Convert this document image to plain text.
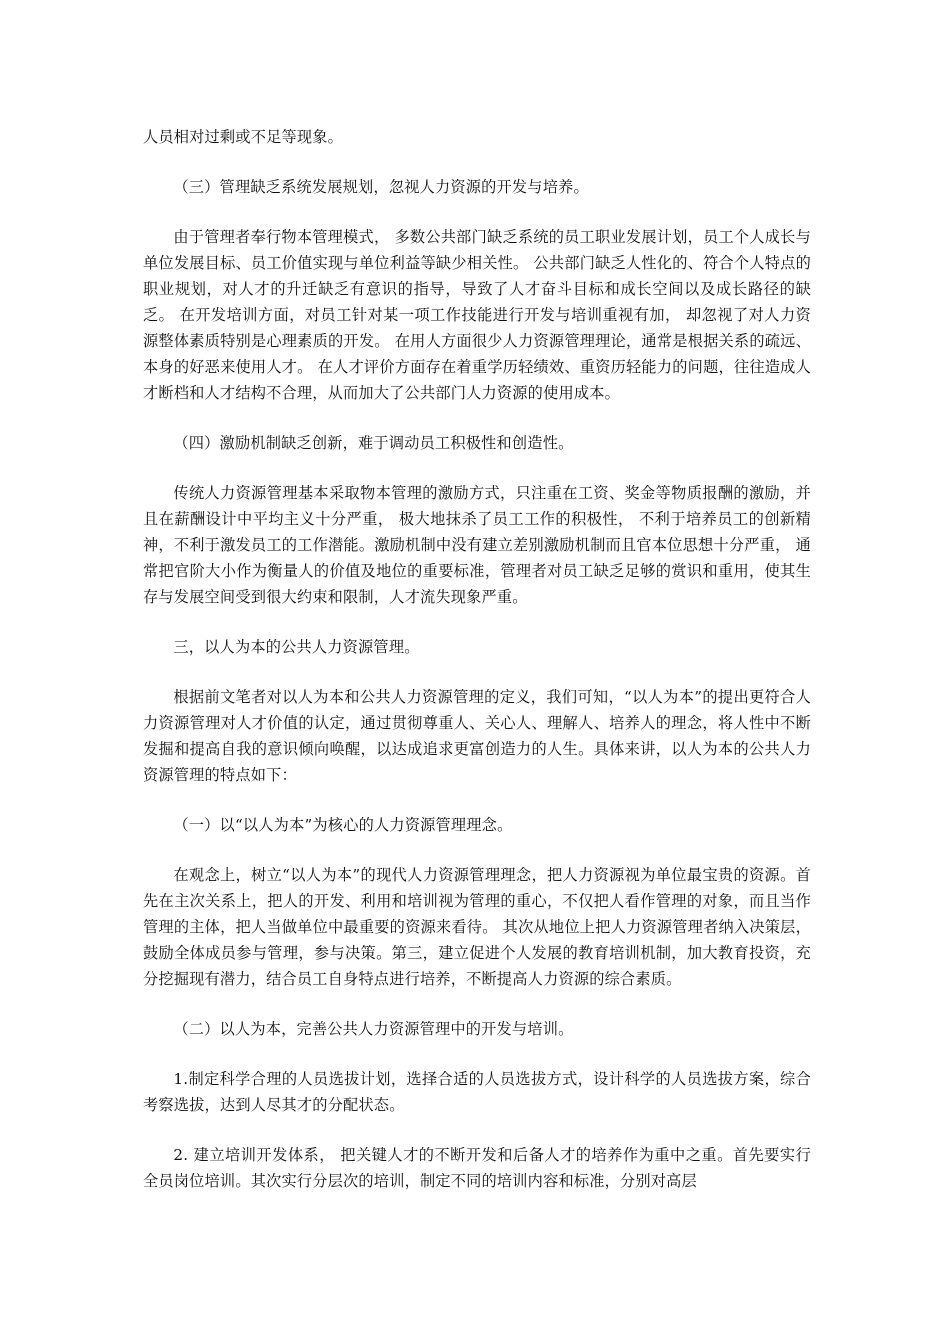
人员相对过剩或不足等现象。

（三）管理缺乏系统发展规划，忽视人力资源的开发与培养。

由于管理者奉行物本管理模式， 多数公共部门缺乏系统的员工职业发展计划，员工个人成长与单位发展目标、员工价值实现与单位利益等缺少相关性。 公共部门缺乏人性化的、符合个人特点的职业规划，对人才的升迁缺乏有意识的指导，导致了人才奋斗目标和成长空间以及成长路径的缺乏。 在开发培训方面，对员工针对某一项工作技能进行开发与培训重视有加， 却忽视了对人力资源整体素质特别是心理素质的开发。 在用人方面很少人力资源管理理论，通常是根据关系的疏远、本身的好恶来使用人才。 在人才评价方面存在着重学历轻绩效、重资历轻能力的问题，往往造成人才断档和人才结构不合理，从而加大了公共部门人力资源的使用成本。

（四）激励机制缺乏创新，难于调动员工积极性和创造性。

传统人力资源管理基本采取物本管理的激励方式，只注重在工资、奖金等物质报酬的激励，并且在薪酬设计中平均主义十分严重， 极大地抹杀了员工工作的积极性， 不利于培养员工的创新精神，不利于激发员工的工作潜能。激励机制中没有建立差别激励机制而且官本位思想十分严重， 通常把官阶大小作为衡量人的价值及地位的重要标准，管理者对员工缺乏足够的赏识和重用，使其生存与发展空间受到很大约束和限制，人才流失现象严重。

三，以人为本的公共人力资源管理。

根据前文笔者对以人为本和公共人力资源管理的定义，我们可知，“以人为本”的提出更符合人力资源管理对人才价值的认定，通过贯彻尊重人、关心人、理解人、培养人的理念，将人性中不断发掘和提高自我的意识倾向唤醒，以达成追求更富创造力的人生。具体来讲，以人为本的公共人力资源管理的特点如下：

（一）以“以人为本”为核心的人力资源管理理念。

在观念上，树立“以人为本”的现代人力资源管理理念，把人力资源视为单位最宝贵的资源。首先在主次关系上，把人的开发、利用和培训视为管理的重心，不仅把人看作管理的对象，而且当作管理的主体，把人当做单位中最重要的资源来看待。 其次从地位上把人力资源管理者纳入决策层，鼓励全体成员参与管理，参与决策。第三，建立促进个人发展的教育培训机制，加大教育投资，充分挖掘现有潜力，结合员工自身特点进行培养，不断提高人力资源的综合素质。

（二）以人为本，完善公共人力资源管理中的开发与培训。

1.制定科学合理的人员选拔计划，选择合适的人员选拔方式，设计科学的人员选拔方案，综合考察选拔，达到人尽其才的分配状态。

2. 建立培训开发体系， 把关键人才的不断开发和后备人才的培养作为重中之重。首先要实行全员岗位培训。其次实行分层次的培训，制定不同的培训内容和标准，分别对高层
